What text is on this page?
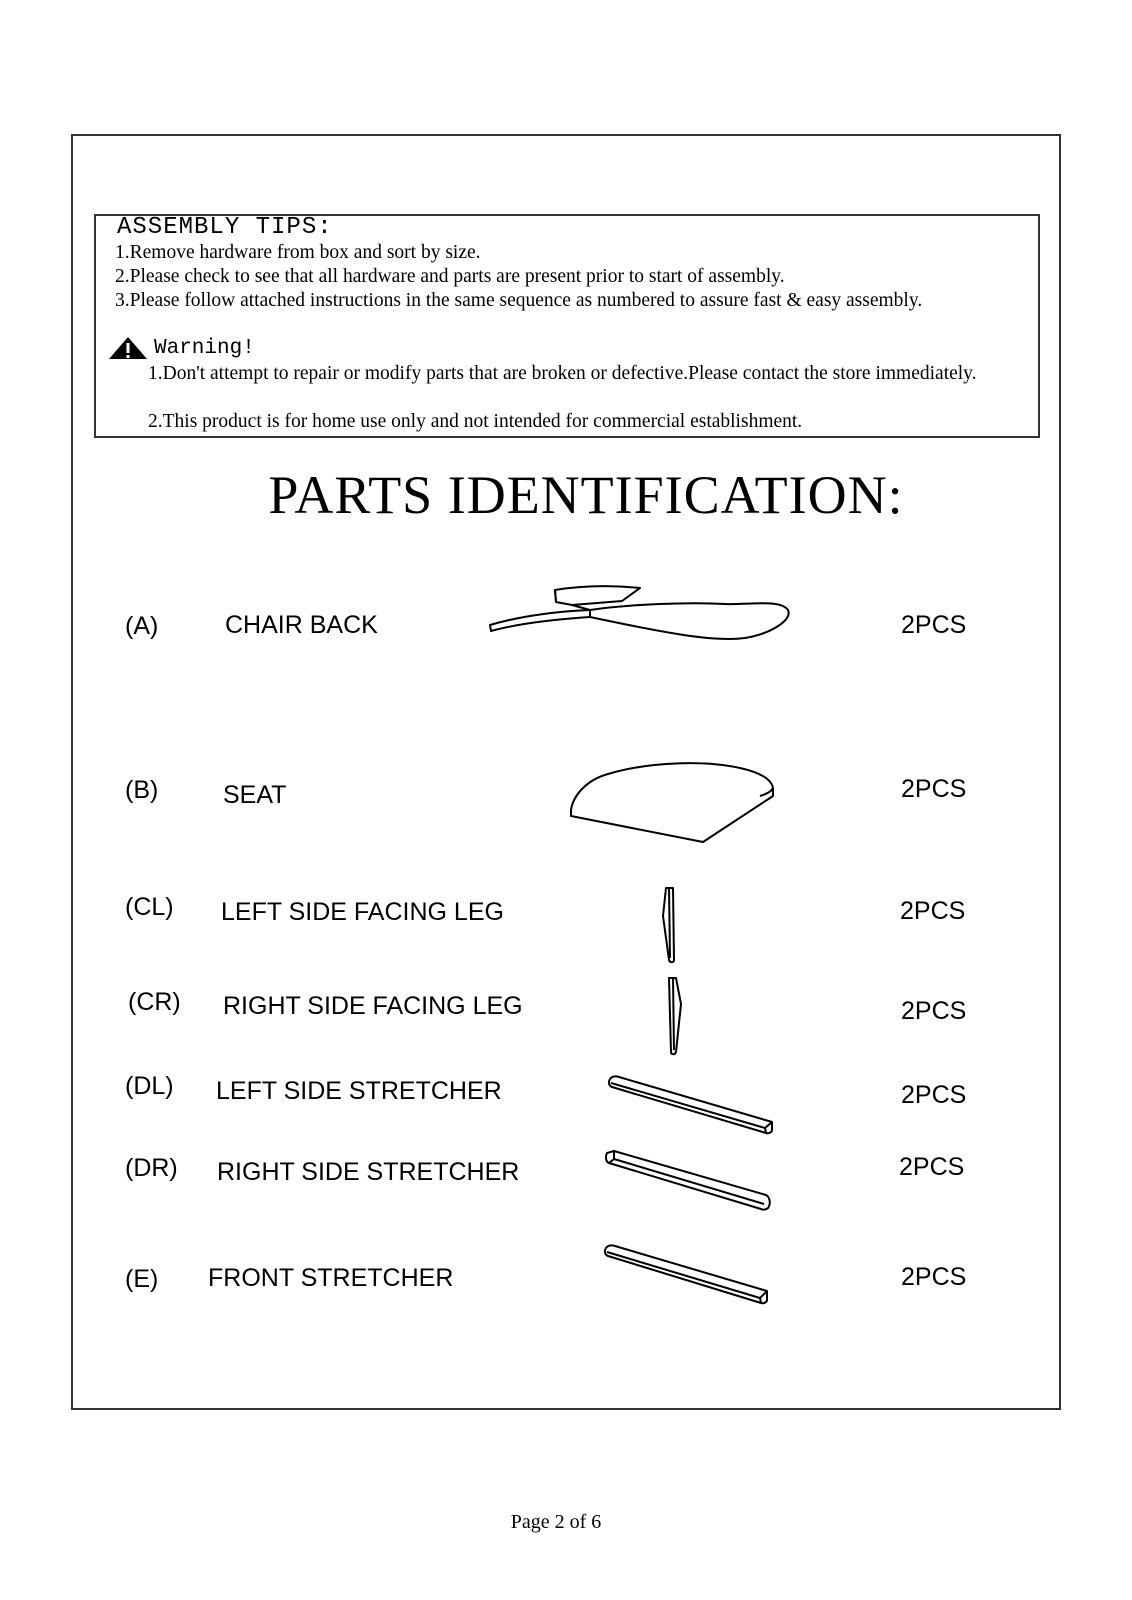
ASSEMBLY TIPS:
1.Remove hardware from box and sort by size.
2.Please check to see that all hardware and parts are present prior to start of assembly.
3.Please follow attached instructions in the same sequence as numbered to assure fast & easy assembly.
Warning!
1.Don't attempt to repair or modify parts that are broken or defective.Please contact the store immediately.
2.This product is for home use only and not intended for commercial establishment.
PARTS IDENTIFICATION:
(A)	CHAIR BACK	2PCS
(B)	SEAT	2PCS
(CL) LEFT SIDE FACING LEG	2PCS
(CR) RIGHT SIDE FACING LEG	2PCS
(DL) LEFT SIDE STRETCHER	2PCS
(DR) RIGHT SIDE STRETCHER	2PCS
(E) FRONT STRETCHER	2PCS
Page 2 of 6
